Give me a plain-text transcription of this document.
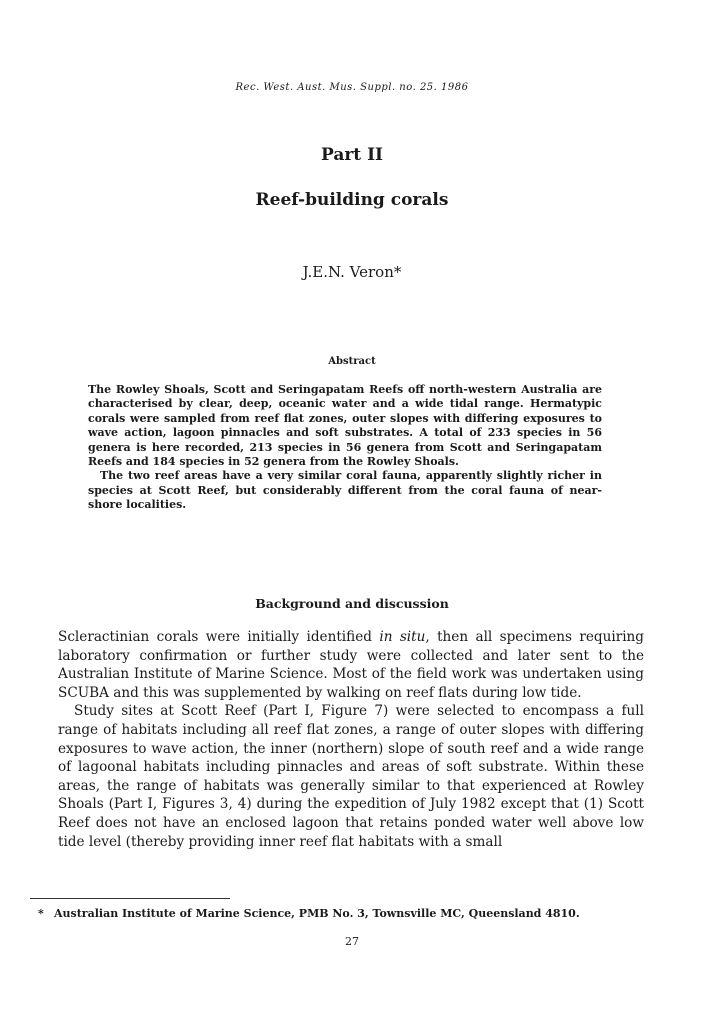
Rec. West. Aust. Mus. Suppl. no. 25. 1986
Part II
Reef-building corals
J.E.N. Veron*
Abstract

The Rowley Shoals, Scott and Seringapatam Reefs off north-western Australia are characterised by clear, deep, oceanic water and a wide tidal range. Hermatypic corals were sampled from reef flat zones, outer slopes with differing exposures to wave action, lagoon pinnacles and soft substrates. A total of 233 species in 56 genera is here recorded, 213 species in 56 genera from Scott and Seringapatam Reefs and 184 species in 52 genera from the Rowley Shoals.

The two reef areas have a very similar coral fauna, apparently slightly richer in species at Scott Reef, but considerably different from the coral fauna of near-shore localities.

Background and discussion

Scleractinian corals were initially identified in situ, then all specimens requiring laboratory confirmation or further study were collected and later sent to the Australian Institute of Marine Science. Most of the field work was undertaken using SCUBA and this was supplemented by walking on reef flats during low tide.

Study sites at Scott Reef (Part I, Figure 7) were selected to encompass a full range of habitats including all reef flat zones, a range of outer slopes with differing exposures to wave action, the inner (northern) slope of south reef and a wide range of lagoonal habitats including pinnacles and areas of soft substrate. Within these areas, the range of habitats was generally similar to that experienced at Rowley Shoals (Part I, Figures 3, 4) during the expedition of July 1982 except that (1) Scott Reef does not have an enclosed lagoon that retains ponded water well above low tide level (thereby providing inner reef flat habitats with a small

* Australian Institute of Marine Science, PMB No. 3, Townsville MC, Queensland 4810.
27
